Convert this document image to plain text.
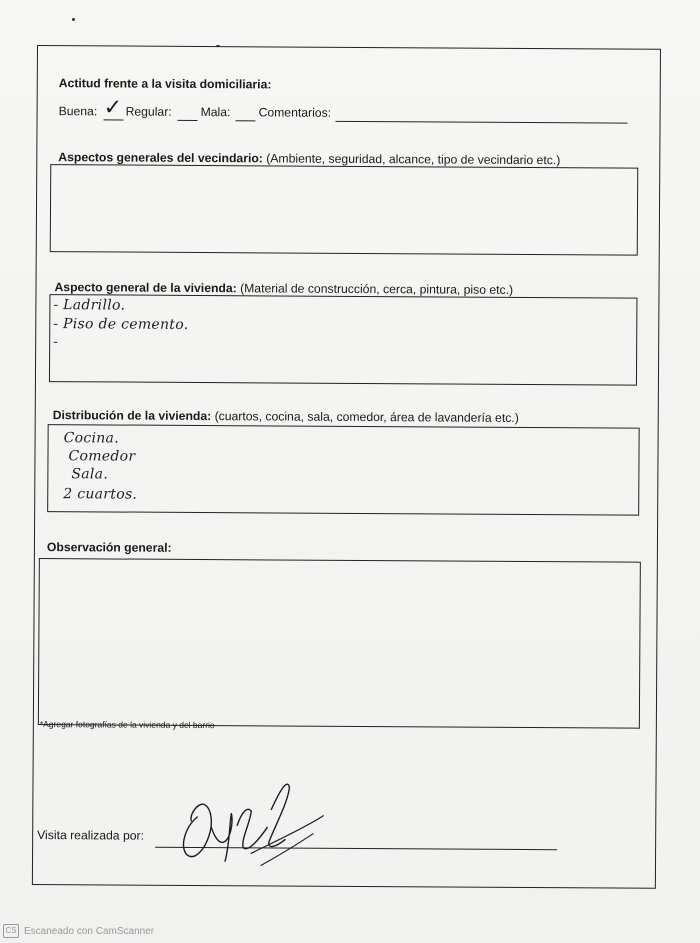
Actitud frente a la visita domiciliaria:
Buena: ✓ Regular: Mala: Comentarios:
Aspectos generales del vecindario: (Ambiente, seguridad, alcance, tipo de vecindario etc.)
Aspecto general de la vivienda: (Material de construcción, cerca, pintura, piso etc.)
- Ladrillo.
- Piso de cemento.
-
Distribución de la vivienda: (cuartos, cocina, sala, comedor, área de lavandería etc.)
Cocina.
Comedor
Sala.
2 cuartos.
Observación general:
*Agregar fotografías de la vivienda y del barrio
Visita realizada por:
CS Escaneado con CamScanner
